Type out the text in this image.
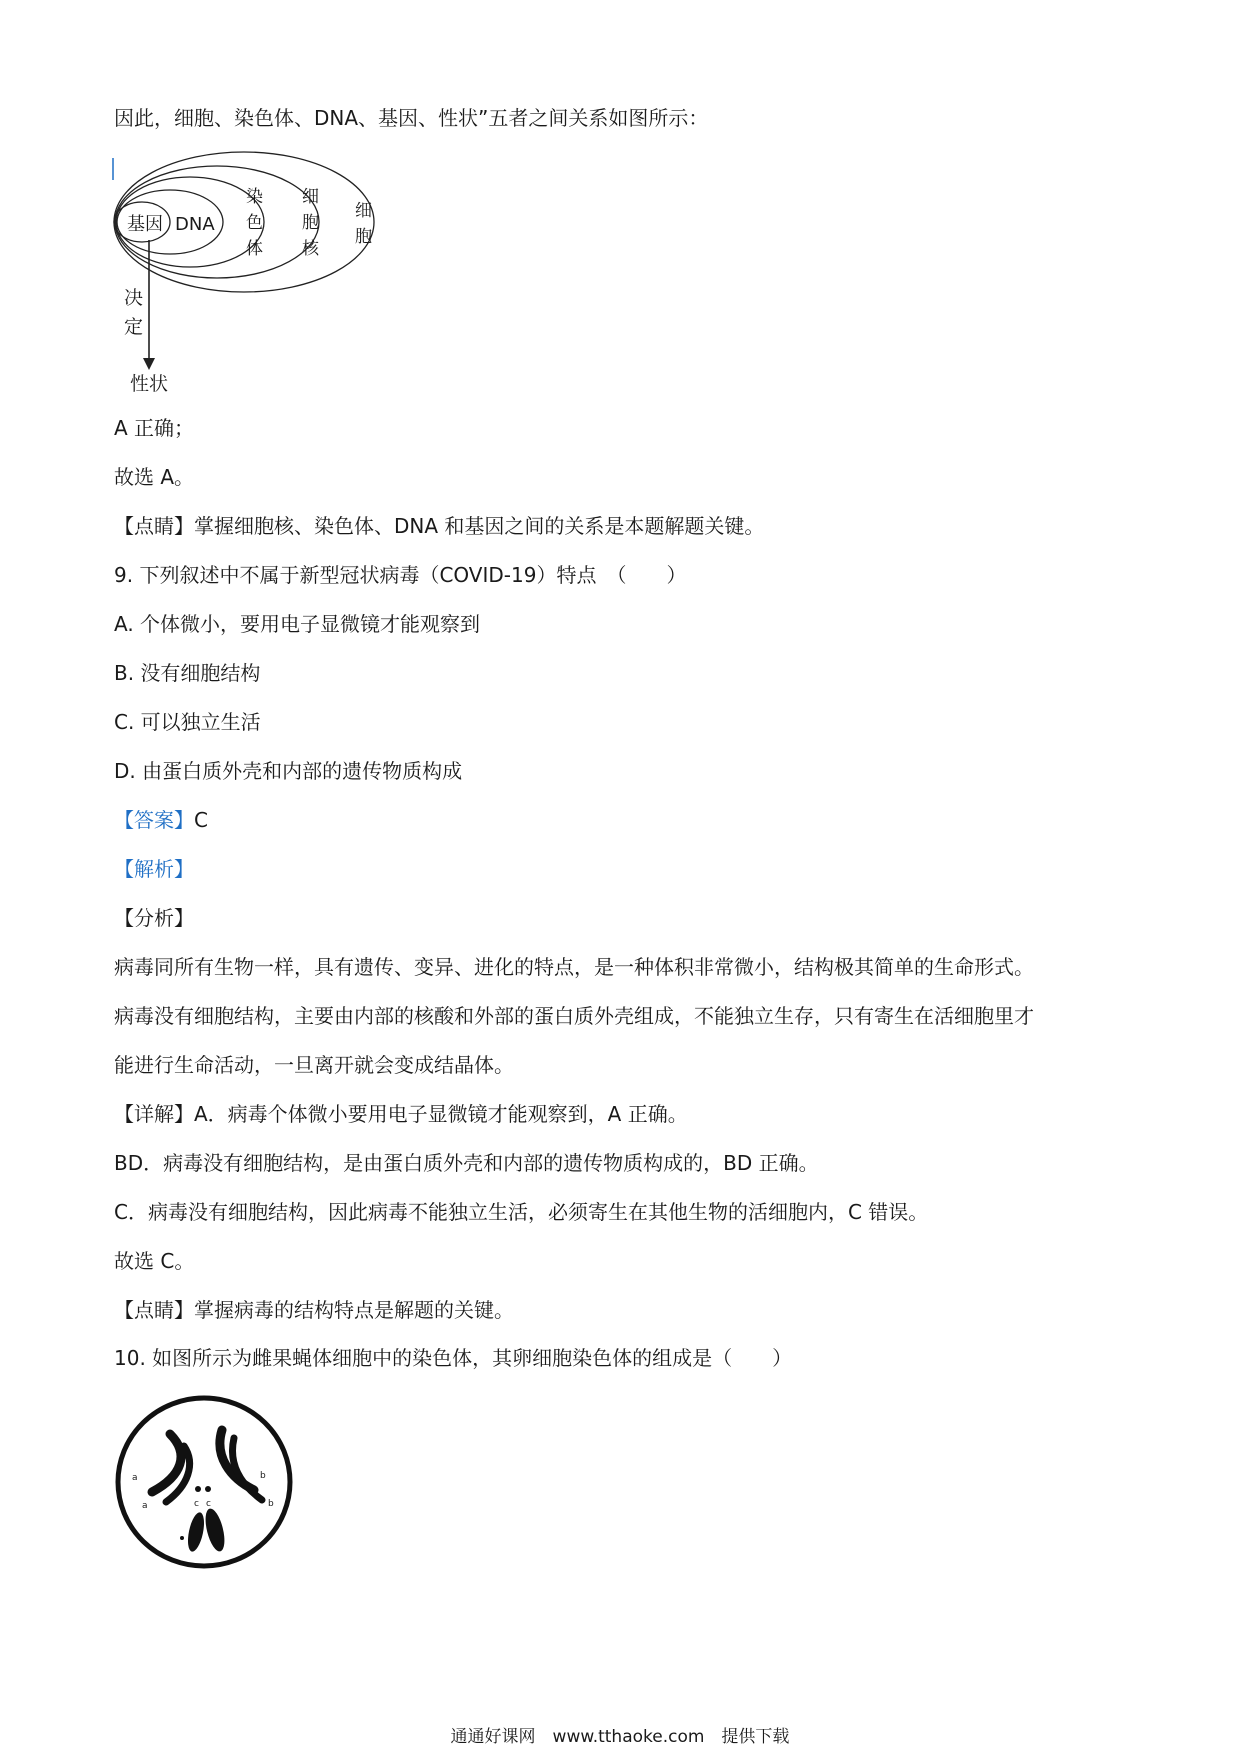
因此，细胞、染色体、DNA、基因、性状”五者之间关系如图所示：
基因 DNA
染
色
体
细
胞
核
细
胞
决
定
性状
A 正确；
故选 A。
【点睛】掌握细胞核、染色体、DNA 和基因之间的关系是本题解题关键。
9. 下列叙述中不属于新型冠状病毒（COVID-19）特点　（　　）
A. 个体微小，要用电子显微镜才能观察到
B. 没有细胞结构
C. 可以独立生活
D. 由蛋白质外壳和内部的遗传物质构成
【答案】C
【解析】
【分析】
病毒同所有生物一样，具有遗传、变异、进化的特点，是一种体积非常微小，结构极其简单的生命形式。
病毒没有细胞结构，主要由内部的核酸和外部的蛋白质外壳组成，不能独立生存，只有寄生在活细胞里才
能进行生命活动，一旦离开就会变成结晶体。
【详解】A．病毒个体微小要用电子显微镜才能观察到，A 正确。
BD．病毒没有细胞结构，是由蛋白质外壳和内部的遗传物质构成的，BD 正确。
C．病毒没有细胞结构，因此病毒不能独立生活，必须寄生在其他生物的活细胞内，C 错误。
故选 C。
【点睛】掌握病毒的结构特点是解题的关键。
10. 如图所示为雌果蝇体细胞中的染色体，其卵细胞染色体的组成是（　　）
a
a
b
b
c c
通通好课网　www.tthaoke.com　提供下载
